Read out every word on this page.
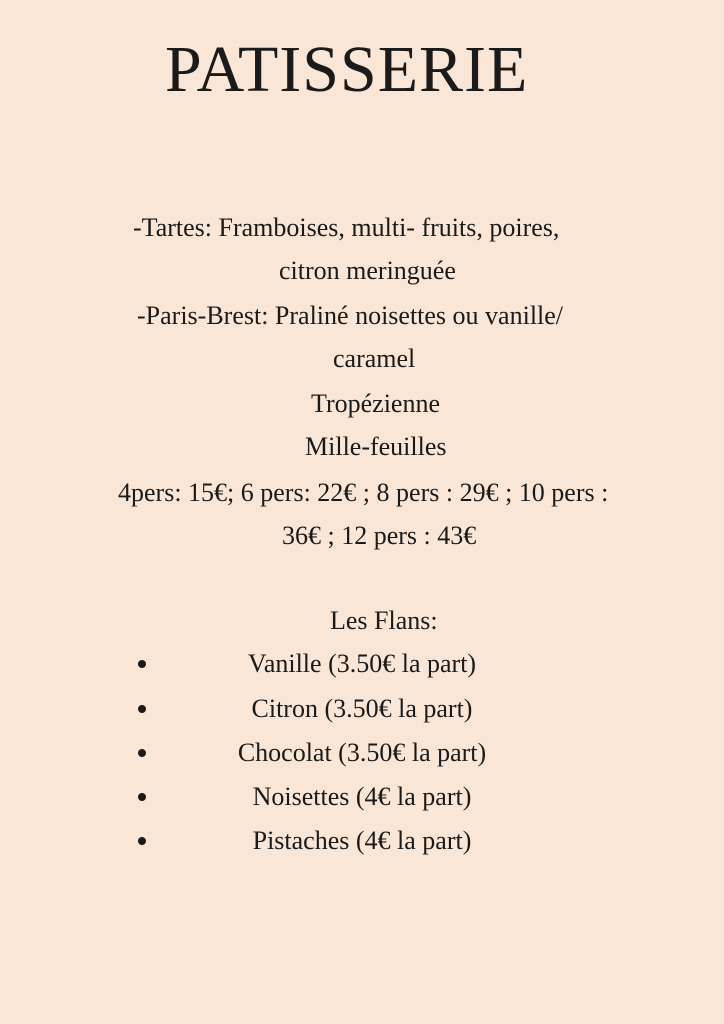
PATISSERIE
-Tartes: Framboises, multi- fruits, poires,
citron meringuée
-Paris-Brest: Praliné noisettes ou vanille/
caramel
Tropézienne
Mille-feuilles
4pers: 15€; 6 pers: 22€ ; 8 pers : 29€ ; 10 pers :
36€ ; 12 pers : 43€
Les Flans:
Vanille (3.50€ la part)
Citron (3.50€ la part)
Chocolat (3.50€ la part)
Noisettes (4€ la part)
Pistaches (4€ la part)
